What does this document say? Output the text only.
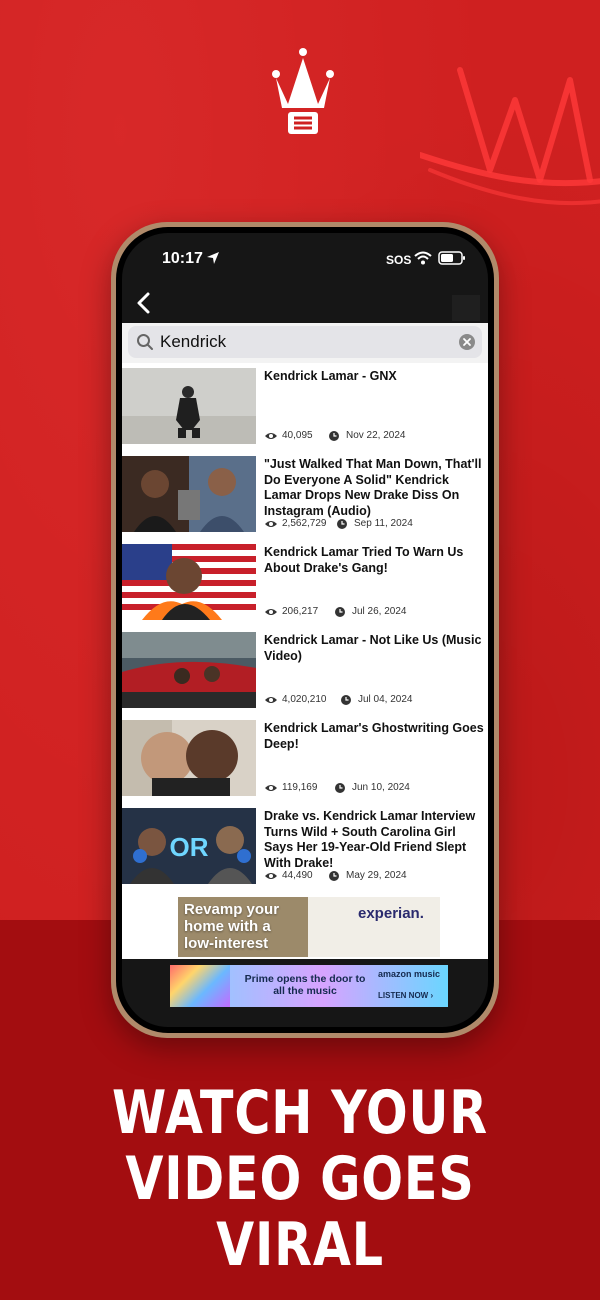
10:17	SOS
Kendrick
Kendrick Lamar - GNX
40,095	Nov 22, 2024
"Just Walked That Man Down, That'll Do Everyone A Solid" Kendrick Lamar Drops New Drake Diss On Instagram (Audio)
2,562,729	Sep 11, 2024
Kendrick Lamar Tried To Warn Us About Drake's Gang!
206,217	Jul 26, 2024
Kendrick Lamar - Not Like Us (Music Video)
4,020,210	Jul 04, 2024
Kendrick Lamar's Ghostwriting Goes Deep!
119,169	Jun 10, 2024
OR
Drake vs. Kendrick Lamar Interview Turns Wild + South Carolina Girl Says Her 19-Year-Old Friend Slept With Drake!
44,490	May 29, 2024
Revamp your home with a low-interest
experian.
Prime opens the door to all the music
amazon music
LISTEN NOW ›
WATCH YOUR
VIDEO GOES VIRAL
